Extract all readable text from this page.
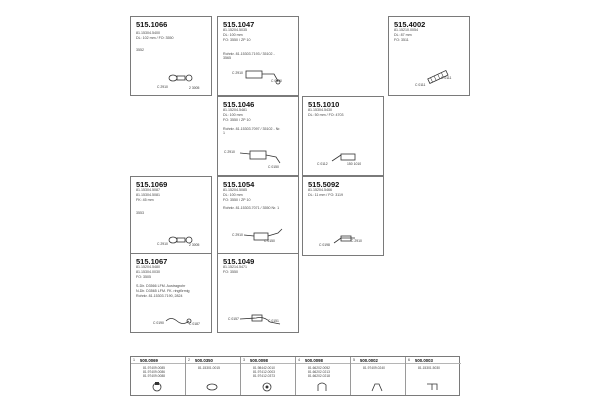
515.1066
81.15304.5400
DL: 102 mm / FO: 3550
3552
C 2910	2 3005
515.1047
81.15204.5035
DL: 100 mm
FO: 3550 / ZP 10
Rohrkr. 81.15303.7193 / 35102 - 3565
C 2910
C 0150
515.4002
81.15210.0054
DL: 87 mm
FO: 3511
C 0111
C 0111
515.1046
81.15204.5481
DL: 100 mm
FO: 3550 / ZP 10
Rohrkr. 81.15303.7097 / 35102 - Nr. 1
C 2910
C 0150
515.1010
81.15304.5430
DL: 50 mm / FO: 4703
C 0112	150 1010
515.1069
81.15304.5087
81.15304.5081
FK: 45 mm
3553
C 2910	2 3005
515.1054
81.15204.5085
DL: 100 mm
FO: 3550 / ZP 10
Rohrkr. 81.15303.7071 / 3550 Nr. 1
C 2910
C 0150
515.5092
81.15204.5466
DL: 11 mm / FO: 3119
C 0198
C 2910
515.1067
81.15204.5480
81.15304.0030
FO: 3505
S-Dir. D3566 LFM. Austragrohr
N-Dir. D3565 LFM. FK. ringförmig
Rohrkr. 81.15303.7190, 2824
C 0190	C 0187
515.1049
81.15214.5471
FO: 3550
C 0157	C 0151
1 500.0069
81.97409.0085
81.97409.0086
81.97409.0088
2 500.0350
81.15301.0015
3 500.0098
81.98442.0010
81.97412.0003
81.97412.0373
4 500.0098
81.66202.0052
81.66202.0213
81.66202.0218
5 500.0002
81.97409.0240
6 500.0003
81.15301.5030
